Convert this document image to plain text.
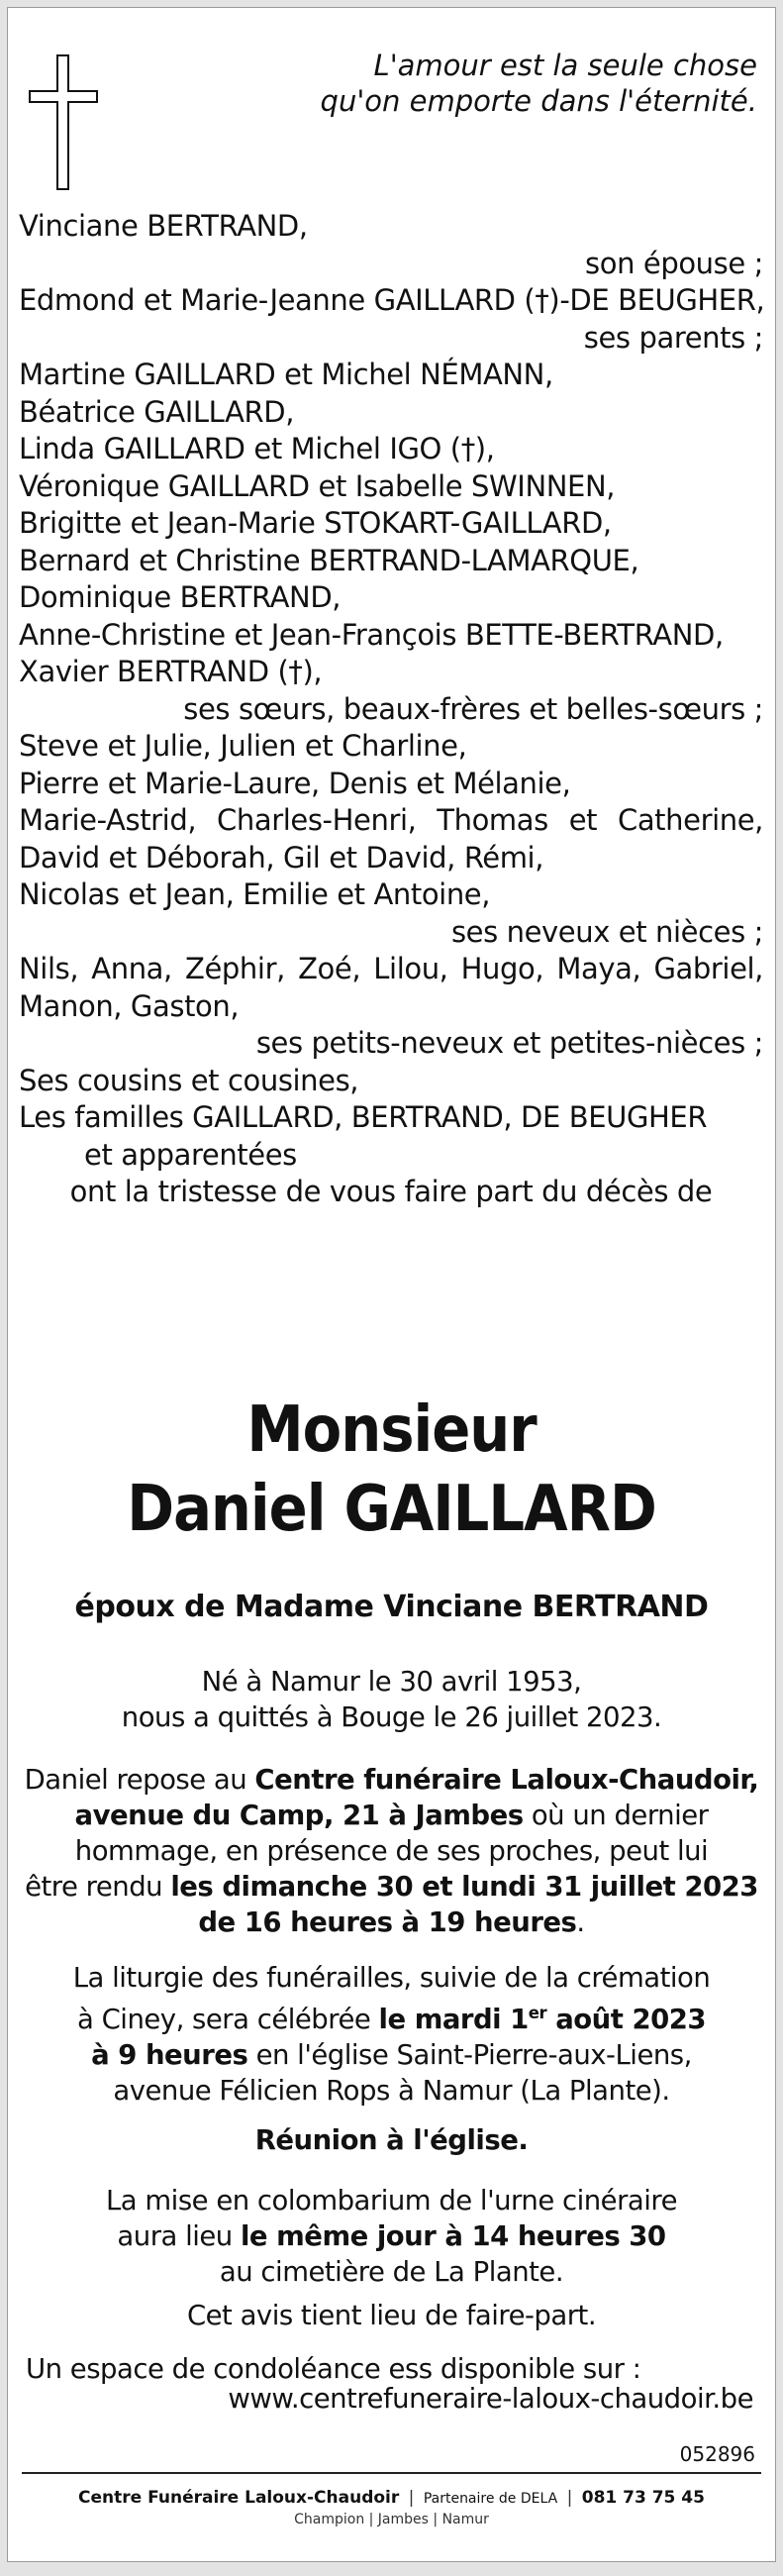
L'amour est la seule chose
qu'on emporte dans l'éternité.
Vinciane BERTRAND,
son épouse ;
Edmond et Marie-Jeanne GAILLARD (†)-DE BEUGHER,
ses parents ;
Martine GAILLARD et Michel NÉMANN,
Béatrice GAILLARD,
Linda GAILLARD et Michel IGO (†),
Véronique GAILLARD et Isabelle SWINNEN,
Brigitte et Jean-Marie STOKART-GAILLARD,
Bernard et Christine BERTRAND-LAMARQUE,
Dominique BERTRAND,
Anne-Christine et Jean-François BETTE-BERTRAND,
Xavier BERTRAND (†),
ses sœurs, beaux-frères et belles-sœurs ;
Steve et Julie, Julien et Charline,
Pierre et Marie-Laure, Denis et Mélanie,
Marie-Astrid, Charles-Henri, Thomas et Catherine,
David et Déborah, Gil et David, Rémi,
Nicolas et Jean, Emilie et Antoine,
ses neveux et nièces ;
Nils, Anna, Zéphir, Zoé, Lilou, Hugo, Maya, Gabriel,
Manon, Gaston,
ses petits-neveux et petites-nièces ;
Ses cousins et cousines,
Les familles GAILLARD, BERTRAND, DE BEUGHER
et apparentées
ont la tristesse de vous faire part du décès de
Monsieur
Daniel GAILLARD
époux de Madame Vinciane BERTRAND
Né à Namur le 30 avril 1953,
nous a quittés à Bouge le 26 juillet 2023.
Daniel repose au Centre funéraire Laloux-Chaudoir,
avenue du Camp, 21 à Jambes où un dernier
hommage, en présence de ses proches, peut lui
être rendu les dimanche 30 et lundi 31 juillet 2023
de 16 heures à 19 heures.
La liturgie des funérailles, suivie de la crémation
à Ciney, sera célébrée le mardi 1er août 2023
à 9 heures en l'église Saint-Pierre-aux-Liens,
avenue Félicien Rops à Namur (La Plante).
Réunion à l'église.
La mise en colombarium de l'urne cinéraire
aura lieu le même jour à 14 heures 30
au cimetière de La Plante.
Cet avis tient lieu de faire-part.
Un espace de condoléance ess disponible sur :
www.centrefuneraire-laloux-chaudoir.be
052896
Centre Funéraire Laloux-Chaudoir | Partenaire de DELA | 081 73 75 45
Champion | Jambes | Namur
